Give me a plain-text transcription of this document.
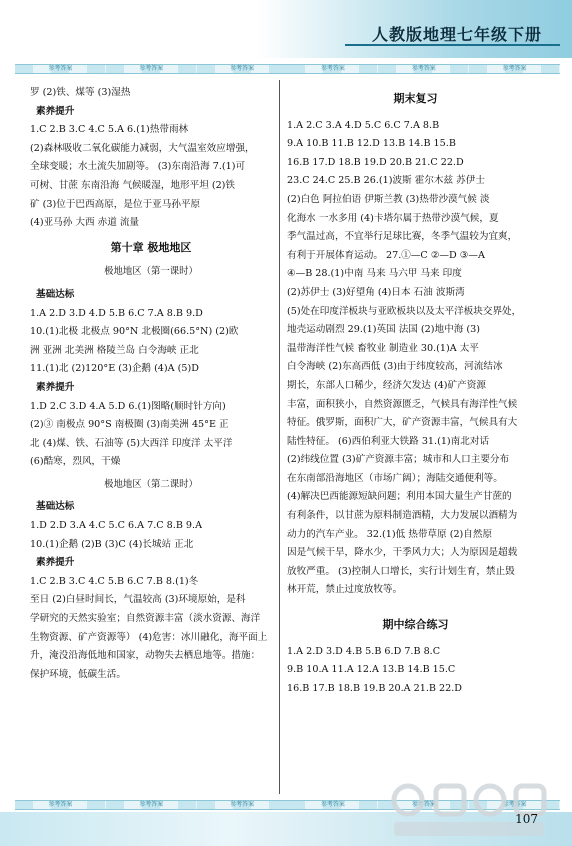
人教版地理七年级下册
参考答案	参考答案	参考答案	参考答案	参考答案	参考答案
罗 (2)铁、煤等 (3)湿热
素养提升
1.C 2.B 3.C 4.C 5.A 6.(1)热带雨林
(2)森林吸收二氧化碳能力减弱，大气温室效应增强，
全球变暖；水土流失加剧等。 (3)东南沿海 7.(1)可
可树、甘蔗 东南沿海 气候暖湿，地形平坦 (2)铁
矿 (3)位于巴西高原，是位于亚马孙平原
(4)亚马孙 大西 赤道 流量
第十章 极地地区
极地地区（第一课时）
基础达标
1.A 2.D 3.D 4.D 5.B 6.C 7.A 8.B 9.D
10.(1)北极 北极点 90°N 北极圈(66.5°N) (2)欧
洲 亚洲 北美洲 格陵兰岛 白令海峡 正北
11.(1)北 (2)120°E (3)企鹅 (4)A (5)D
素养提升
1.D 2.C 3.D 4.A 5.D 6.(1)图略(顺时针方向)
(2)③ 南极点 90°S 南极圈 (3)南美洲 45°E 正
北 (4)煤、铁、石油等 (5)大西洋 印度洋 太平洋
(6)酷寒，烈风，干燥
极地地区（第二课时）
基础达标
1.D 2.D 3.A 4.C 5.C 6.A 7.C 8.B 9.A
10.(1)企鹅 (2)B (3)C (4)长城站 正北
素养提升
1.C 2.B 3.C 4.C 5.B 6.C 7.B 8.(1)冬
至日 (2)白昼时间长，气温较高 (3)环境原始，是科
学研究的天然实验室；自然资源丰富（淡水资源、海洋
生物资源、矿产资源等） (4)危害：冰川融化，海平面上
升，淹没沿海低地和国家，动物失去栖息地等。措施：
保护环境，低碳生活。
期末复习
1.A 2.C 3.A 4.D 5.C 6.C 7.A 8.B
9.A 10.B 11.B 12.D 13.B 14.B 15.B
16.B 17.D 18.B 19.D 20.B 21.C 22.D
23.C 24.C 25.B 26.(1)波斯 霍尔木兹 苏伊士
(2)白色 阿拉伯语 伊斯兰教 (3)热带沙漠气候 淡
化海水 一水多用 (4)卡塔尔属于热带沙漠气候，夏
季气温过高，不宜举行足球比赛，冬季气温较为宜爽，
有利于开展体育运动。 27.①—C ②—D ③—A
④—B 28.(1)中南 马来 马六甲 马来 印度
(2)苏伊士 (3)好望角 (4)日本 石油 波斯湾
(5)处在印度洋板块与亚欧板块以及太平洋板块交界处，
地壳运动剧烈 29.(1)英国 法国 (2)地中海 (3)
温带海洋性气候 畜牧业 制造业 30.(1)A 太平
白令海峡 (2)东高西低 (3)由于纬度较高，河流结冰
期长，东部人口稀少，经济欠发达 (4)矿产资源
丰富，面积狭小，自然资源匮乏，气候具有海洋性气候
特征。俄罗斯，面积广大，矿产资源丰富，气候具有大
陆性特征。 (6)西伯利亚大铁路 31.(1)南北对话
(2)纬线位置 (3)矿产资源丰富；城市和人口主要分布
在东南部沿海地区（市场广阔）；海陆交通便利等。
(4)解决巴西能源短缺问题；利用本国大量生产甘蔗的
有利条件，以甘蔗为原料制造酒精，大力发展以酒精为
动力的汽车产业。 32.(1)低 热带草原 (2)自然原
因是气候干旱，降水少，干季风力大；人为原因是超载
放牧严重。 (3)控制人口增长，实行计划生育，禁止毁
林开荒，禁止过度放牧等。
期中综合练习
1.A 2.D 3.D 4.B 5.B 6.D 7.B 8.C
9.B 10.A 11.A 12.A 13.B 14.B 15.C
16.B 17.B 18.B 19.B 20.A 21.B 22.D
参考答案	参考答案	参考答案	参考答案	参考答案	参考答案
107
